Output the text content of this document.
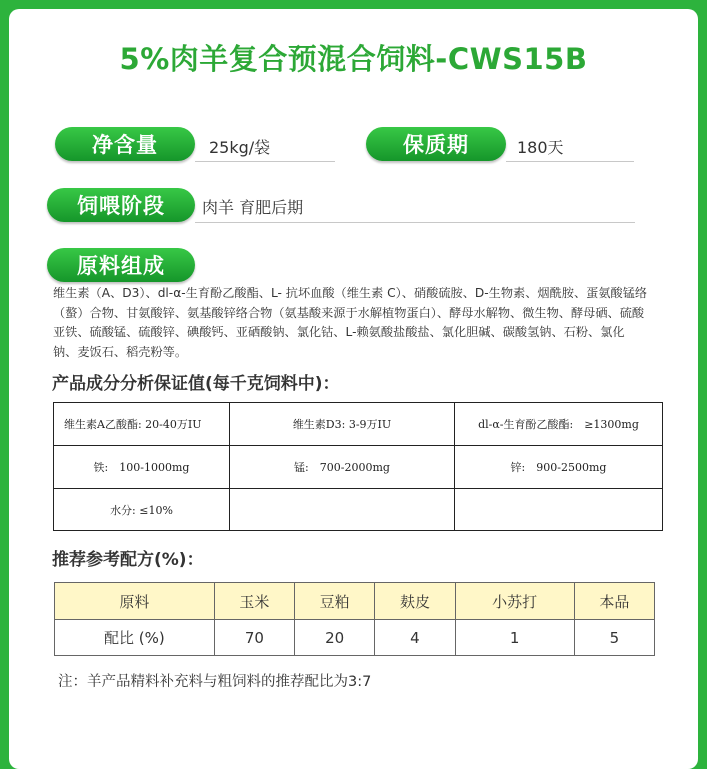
5%肉羊复合预混合饲料-CWS15B
净含量	25kg/袋	保质期	180天
饲喂阶段	肉羊 育肥后期
原料组成
维生素（A、D3）、dl-α-生育酚乙酸酯、L- 抗坏血酸（维生素 C）、硝酸硫胺、D-生物素、烟酰胺、蛋氨酸锰络（螯）合物、甘氨酸锌、氨基酸锌络合物（氨基酸来源于水解植物蛋白）、酵母水解物、微生物、酵母硒、硫酸亚铁、硫酸锰、硫酸锌、碘酸钙、亚硒酸钠、氯化钴、L-赖氨酸盐酸盐、氯化胆碱、碳酸氢钠、石粉、氯化钠、麦饭石、稻壳粉等。
产品成分分析保证值(每千克饲料中)：
维生素A乙酸酯: 20-40万IU	维生素D3: 3-9万IU	dl-α-生育酚乙酸酯:　≥1300mg
铁:　100-1000mg	锰:　700-2000mg	锌:　900-2500mg
水分: ≤10%		
推荐参考配方(%)：
原料	玉米	豆粕	麸皮	小苏打	本品
配比 (%)	70	20	4	1	5
注：羊产品精料补充料与粗饲料的推荐配比为3:7
